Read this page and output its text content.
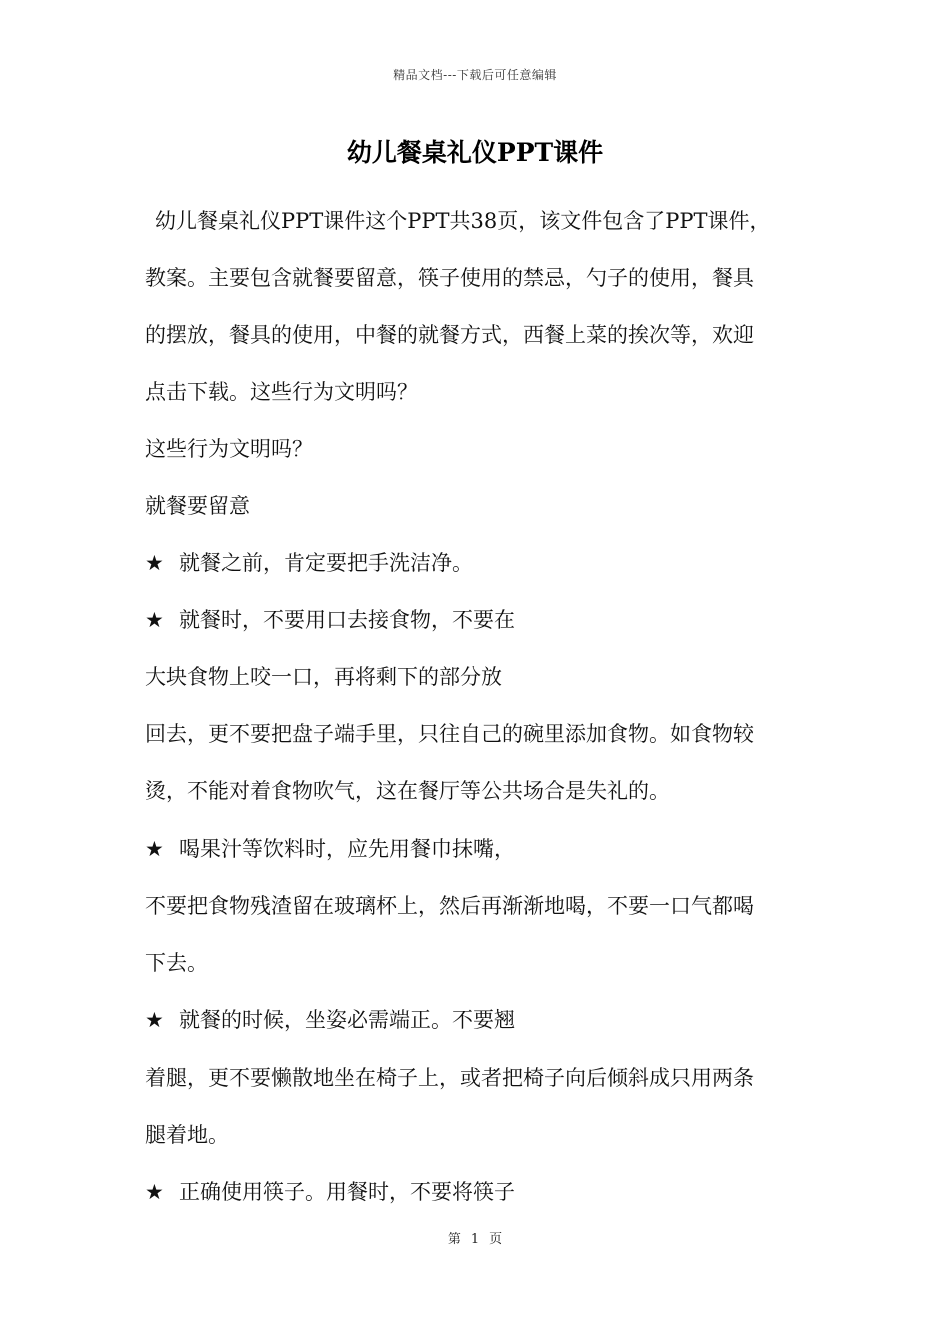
精品文档---下载后可任意编辑
幼儿餐桌礼仪PPT课件
幼儿餐桌礼仪PPT课件这个PPT共38页，该文件包含了PPT课件，
教案。主要包含就餐要留意，筷子使用的禁忌，勺子的使用，餐具
的摆放，餐具的使用，中餐的就餐方式，西餐上菜的挨次等，欢迎
点击下载。这些行为文明吗？
这些行为文明吗？
就餐要留意
★ 就餐之前，肯定要把手洗洁净。
★ 就餐时，不要用口去接食物，不要在
大块食物上咬一口，再将剩下的部分放
回去，更不要把盘子端手里，只往自己的碗里添加食物。如食物较
烫，不能对着食物吹气，这在餐厅等公共场合是失礼的。
★ 喝果汁等饮料时，应先用餐巾抹嘴，
不要把食物残渣留在玻璃杯上，然后再渐渐地喝，不要一口气都喝
下去。
★ 就餐的时候，坐姿必需端正。不要翘
着腿，更不要懒散地坐在椅子上，或者把椅子向后倾斜成只用两条
腿着地。
★ 正确使用筷子。用餐时，不要将筷子
第 1 页
